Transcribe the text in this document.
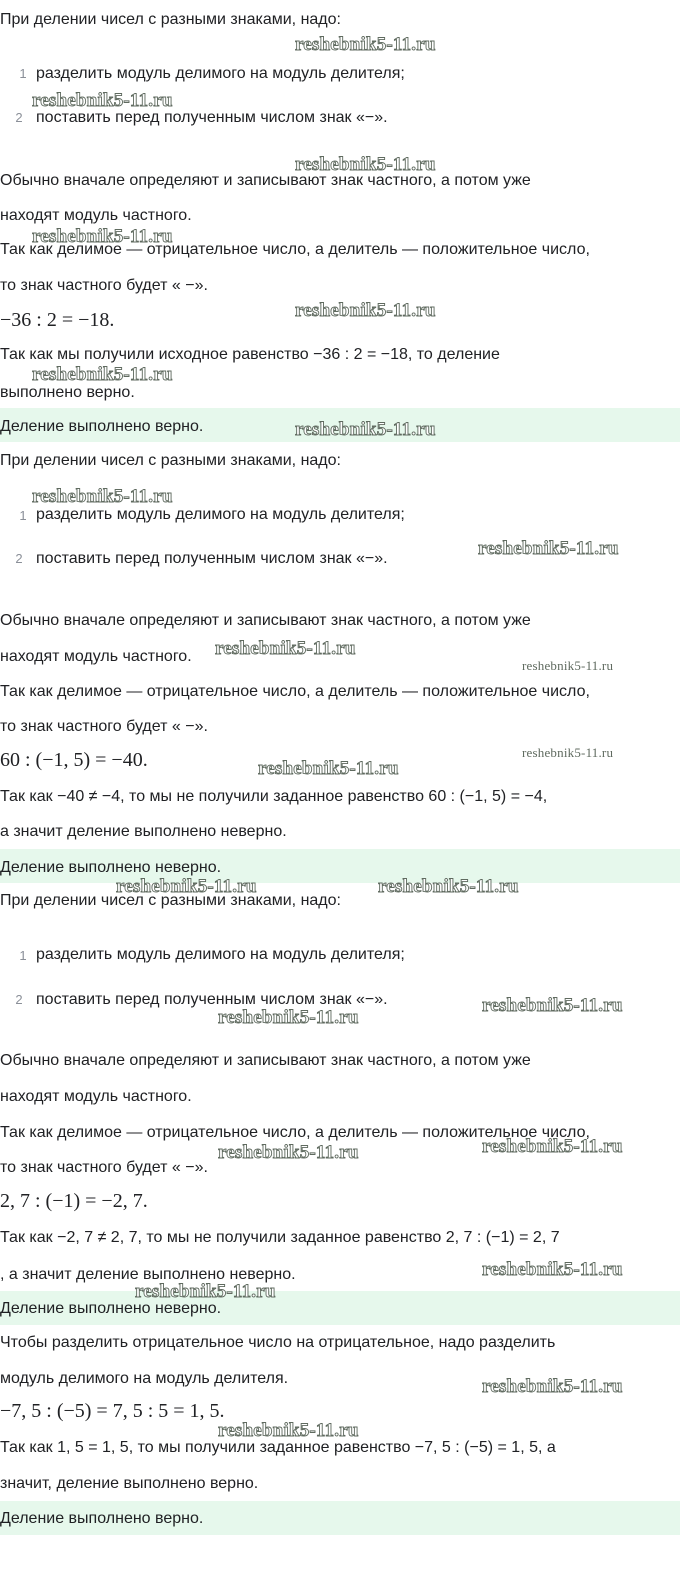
При делении чисел с разными знаками, надо:
1 разделить модуль делимого на модуль делителя;
2 поставить перед полученным числом знак «−».
Обычно вначале определяют и записывают знак частного, а потом уже
находят модуль частного.
Так как делимое — отрицательное число, а делитель — положительное число,
то знак частного будет « −».
−36 : 2 = −18.
Так как мы получили исходное равенство −36 : 2 = −18, то деление
выполнено верно.
Деление выполнено верно.
При делении чисел с разными знаками, надо:
1 разделить модуль делимого на модуль делителя;
2 поставить перед полученным числом знак «−».
Обычно вначале определяют и записывают знак частного, а потом уже
находят модуль частного.
Так как делимое — отрицательное число, а делитель — положительное число,
то знак частного будет « −».
60 : (−1, 5) = −40.
Так как −40 ≠ −4, то мы не получили заданное равенство 60 : (−1, 5) = −4,
а значит деление выполнено неверно.
Деление выполнено неверно.
При делении чисел с разными знаками, надо:
1 разделить модуль делимого на модуль делителя;
2 поставить перед полученным числом знак «−».
Обычно вначале определяют и записывают знак частного, а потом уже
находят модуль частного.
Так как делимое — отрицательное число, а делитель — положительное число,
то знак частного будет « −».
2, 7 : (−1) = −2, 7.
Так как −2, 7 ≠ 2, 7, то мы не получили заданное равенство 2, 7 : (−1) = 2, 7
, а значит деление выполнено неверно.
Деление выполнено неверно.
Чтобы разделить отрицательное число на отрицательное, надо разделить
модуль делимого на модуль делителя.
−7, 5 : (−5) = 7, 5 : 5 = 1, 5.
Так как 1, 5 = 1, 5, то мы получили заданное равенство −7, 5 : (−5) = 1, 5, а
значит, деление выполнено верно.
Деление выполнено верно.
reshebnik5-11.ru
reshebnik5-11.ru
reshebnik5-11.ru
reshebnik5-11.ru
reshebnik5-11.ru
reshebnik5-11.ru
reshebnik5-11.ru
reshebnik5-11.ru
reshebnik5-11.ru
reshebnik5-11.ru
reshebnik5-11.ru
reshebnik5-11.ru
reshebnik5-11.ru
reshebnik5-11.ru	reshebnik5-11.ru
reshebnik5-11.ru
reshebnik5-11.ru
reshebnik5-11.ru
reshebnik5-11.ru
reshebnik5-11.ru
reshebnik5-11.ru
reshebnik5-11.ru
reshebnik5-11.ru
